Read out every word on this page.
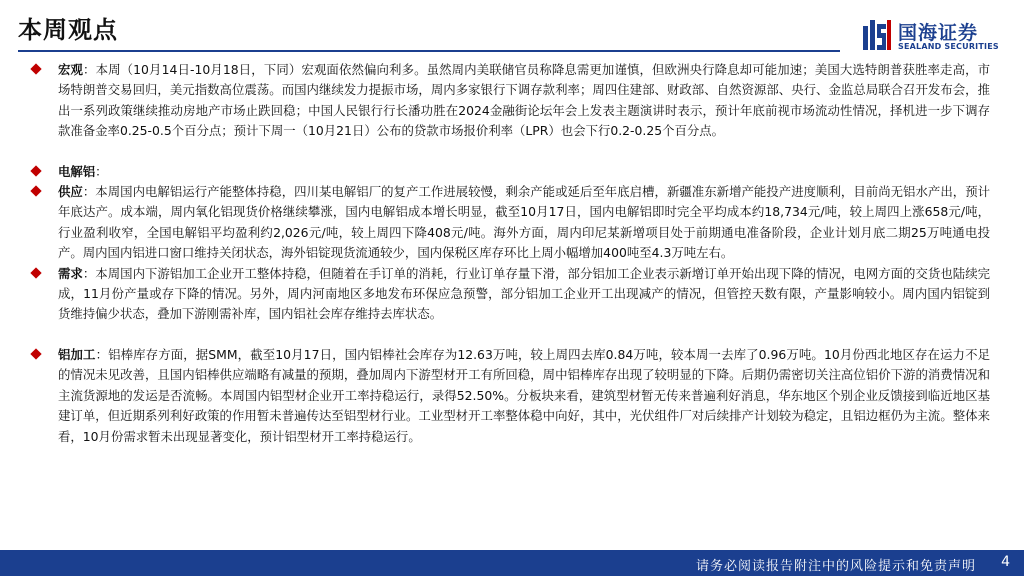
本周观点	国海证券
SEALAND SECURITIES
宏观：本周（10月14日-10月18日，下同）宏观面依然偏向利多。虽然周内美联储官员称降息需更加谨慎，但欧洲央行降息却可能加速；美国大选特朗普获胜率走高，市场特朗普交易回归，美元指数高位震荡。而国内继续发力提振市场，周内多家银行下调存款利率；周四住建部、财政部、自然资源部、央行、金监总局联合召开发布会，推出一系列政策继续推动房地产市场止跌回稳；中国人民银行行长潘功胜在2024金融街论坛年会上发表主题演讲时表示，预计年底前视市场流动性情况，择机进一步下调存款准备金率0.25-0.5个百分点；预计下周一（10月21日）公布的贷款市场报价利率（LPR）也会下行0.2-0.25个百分点。
电解铝：
供应：本周国内电解铝运行产能整体持稳，四川某电解铝厂的复产工作进展较慢，剩余产能或延后至年底启槽，新疆准东新增产能投产进度顺利，目前尚无铝水产出，预计年底达产。成本端，周内氧化铝现货价格继续攀涨，国内电解铝成本增长明显，截至10月17日，国内电解铝即时完全平均成本约18,734元/吨，较上周四上涨658元/吨，行业盈利收窄，全国电解铝平均盈利约2,026元/吨，较上周四下降408元/吨。海外方面，周内印尼某新增项目处于前期通电准备阶段，企业计划月底二期25万吨通电投产。周内国内铝进口窗口维持关闭状态，海外铝锭现货流通较少，国内保税区库存环比上周小幅增加400吨至4.3万吨左右。
需求：本周国内下游铝加工企业开工整体持稳，但随着在手订单的消耗，行业订单存量下滑，部分铝加工企业表示新增订单开始出现下降的情况，电网方面的交货也陆续完成，11月份产量或存下降的情况。另外，周内河南地区多地发布环保应急预警，部分铝加工企业开工出现减产的情况，但管控天数有限，产量影响较小。周内国内铝锭到货维持偏少状态，叠加下游刚需补库，国内铝社会库存维持去库状态。
铝加工：铝棒库存方面，据SMM，截至10月17日，国内铝棒社会库存为12.63万吨，较上周四去库0.84万吨，较本周一去库了0.96万吨。10月份西北地区存在运力不足的情况未见改善，且国内铝棒供应端略有减量的预期，叠加周内下游型材开工有所回稳，周中铝棒库存出现了较明显的下降。后期仍需密切关注高位铝价下游的消费情况和主流货源地的发运是否流畅。本周国内铝型材企业开工率持稳运行，录得52.50%。分板块来看，建筑型材暂无传来普遍利好消息，华东地区个别企业反馈接到临近地区基建订单，但近期系列利好政策的作用暂未普遍传达至铝型材行业。工业型材开工率整体稳中向好，其中，光伏组件厂对后续排产计划较为稳定，且铝边框仍为主流。整体来看，10月份需求暂未出现显著变化，预计铝型材开工率持稳运行。
请务必阅读报告附注中的风险提示和免责声明 4
